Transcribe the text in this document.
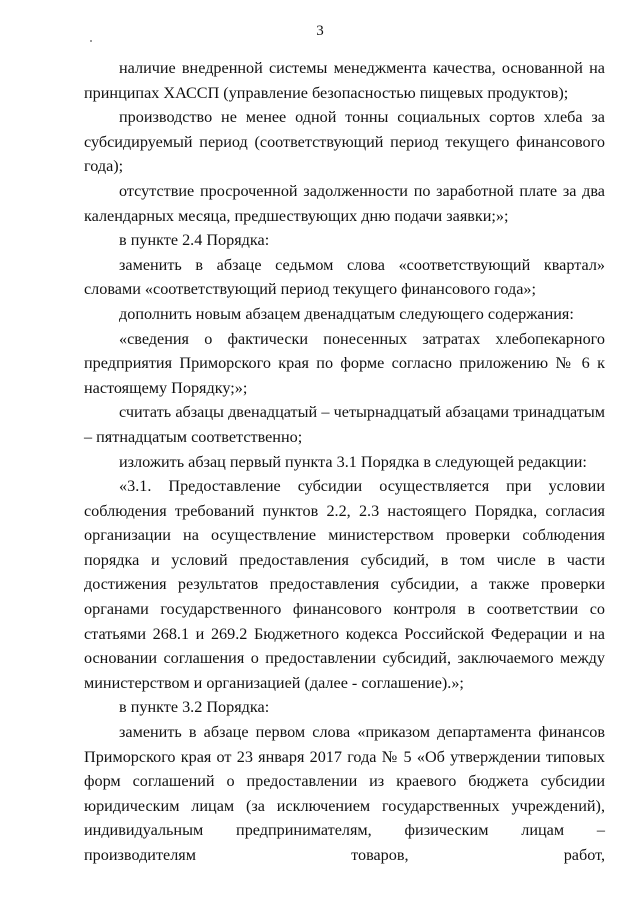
3

наличие внедренной системы менеджмента качества, основанной на принципах ХАССП (управление безопасностью пищевых продуктов);

производство не менее одной тонны социальных сортов хлеба за субсидируемый период (соответствующий период текущего финансового года);

отсутствие просроченной задолженности по заработной плате за два календарных месяца, предшествующих дню подачи заявки;»;

в пункте 2.4 Порядка:

заменить в абзаце седьмом слова «соответствующий квартал» словами «соответствующий период текущего финансового года»;

дополнить новым абзацем двенадцатым следующего содержания:

«сведения о фактически понесенных затратах хлебопекарного предприятия Приморского края по форме согласно приложению № 6 к настоящему Порядку;»;

считать абзацы двенадцатый – четырнадцатый абзацами тринадцатым – пятнадцатым соответственно;

изложить абзац первый пункта 3.1 Порядка в следующей редакции:

«3.1. Предоставление субсидии осуществляется при условии соблюдения требований пунктов 2.2, 2.3 настоящего Порядка, согласия организации на осуществление министерством проверки соблюдения порядка и условий предоставления субсидий, в том числе в части достижения результатов предоставления субсидии, а также проверки органами государственного финансового контроля в соответствии со статьями 268.1 и 269.2 Бюджетного кодекса Российской Федерации и на основании соглашения о предоставлении субсидий, заключаемого между министерством и организацией (далее - соглашение).»;

в пункте 3.2 Порядка:

заменить в абзаце первом слова «приказом департамента финансов Приморского края от 23 января 2017 года № 5 «Об утверждении типовых форм соглашений о предоставлении из краевого бюджета субсидии юридическим лицам (за исключением государственных учреждений), индивидуальным предпринимателям, физическим лицам – производителям товаров, работ,
